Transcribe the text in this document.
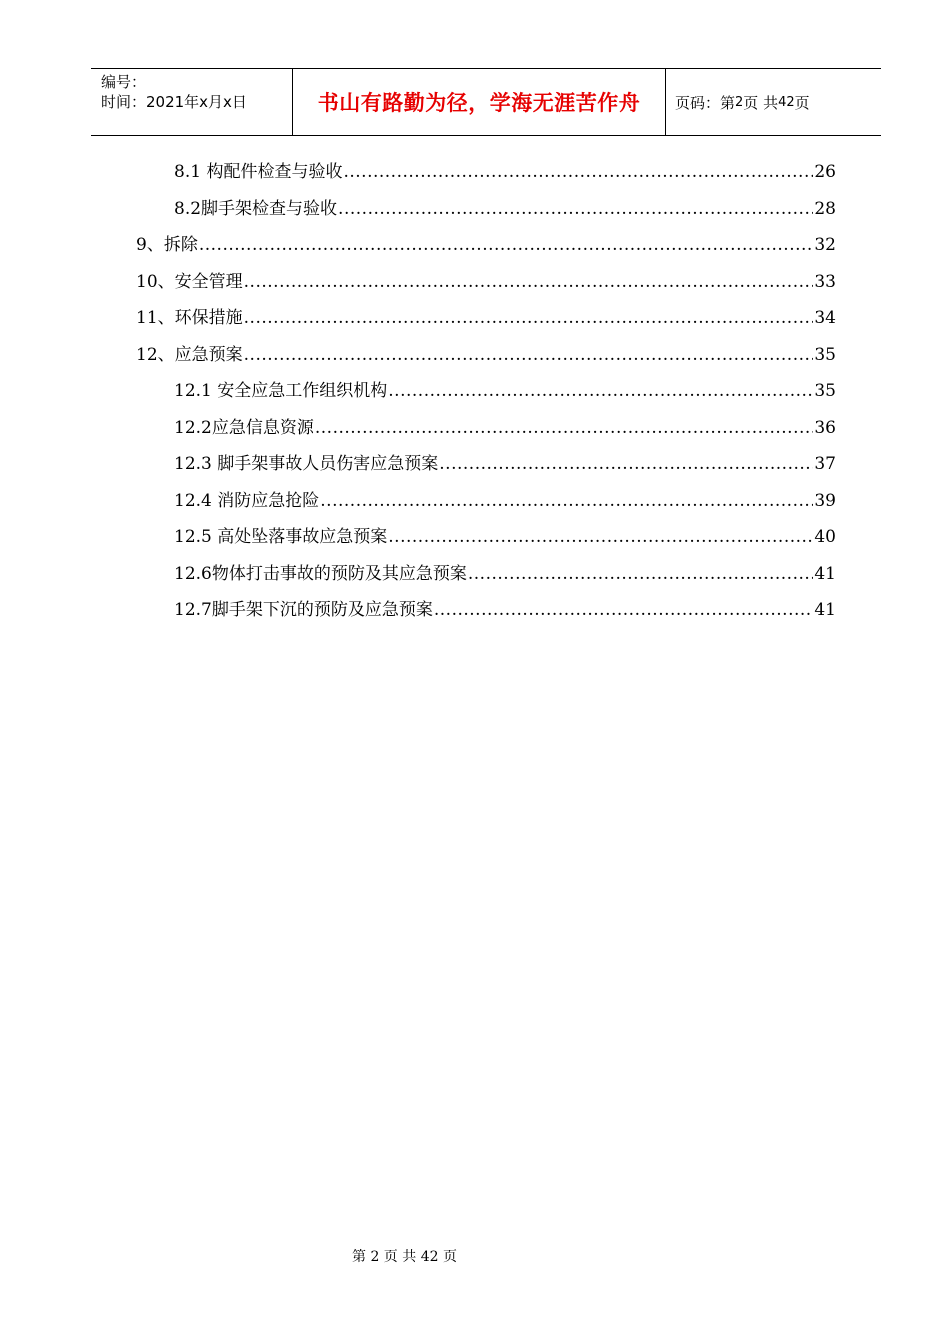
编号：
时间：2021年x月x日	书山有路勤为径，学海无涯苦作舟 页码：第 2 页 共 42 页
8.1 构配件检查与验收 .....	26
8.2脚手架检查与验收 .....	28
9、拆除 .....	32
10、安全管理 .....	33
11、环保措施 .....	34
12、应急预案 .....	35
12.1 安全应急工作组织机构 .....	35
12.2应急信息资源 .....	36
12.3 脚手架事故人员伤害应急预案 .....	37
12.4 消防应急抢险 .....	39
12.5 高处坠落事故应急预案 .....	40
12.6物体打击事故的预防及其应急预案 .....	41
12.7脚手架下沉的预防及应急预案 .....	41
第 2 页 共 42 页
